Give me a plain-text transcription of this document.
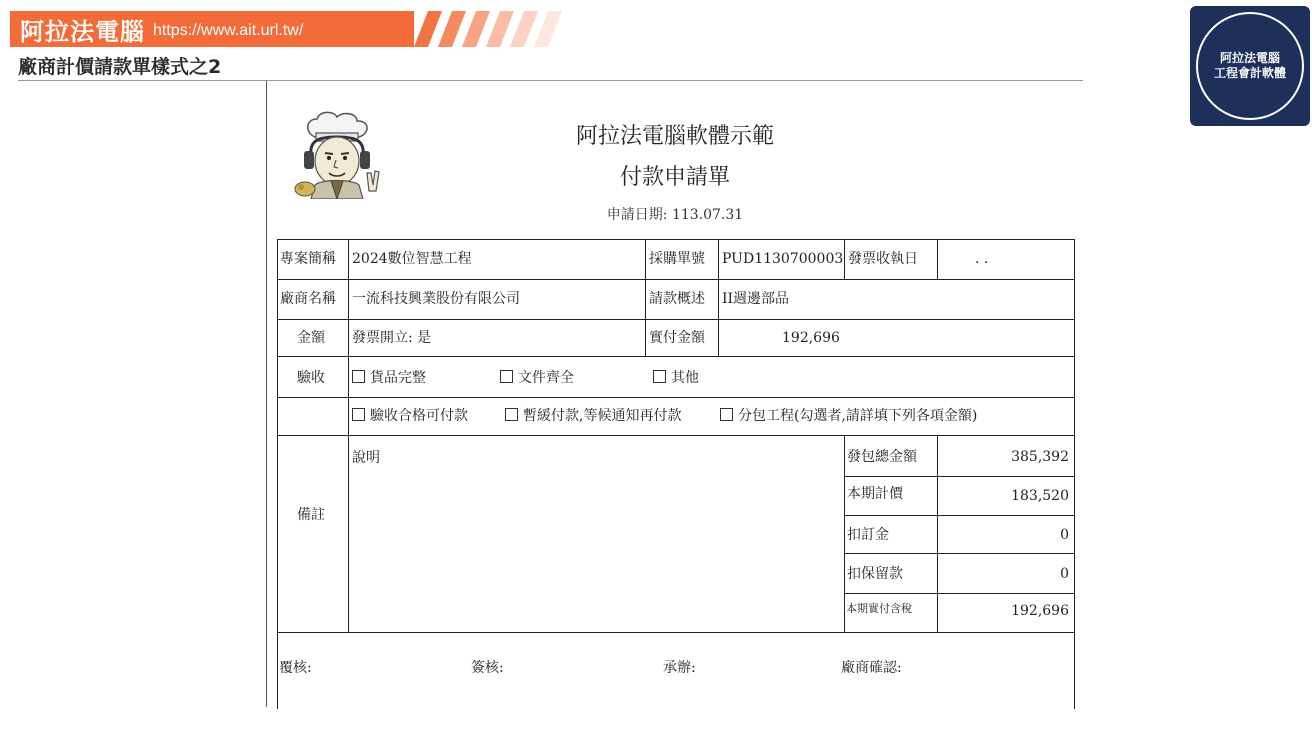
阿拉法電腦 https://www.ait.url.tw/
廠商計價請款單樣式之2	阿拉法電腦
工程會計軟體
阿拉法電腦軟體示範
付款申請單
申請日期: 113.07.31
專案簡稱 2024數位智慧工程	採購單號 PUD1130700003 發票收執日	. .
廠商名稱 一流科技興業股份有限公司	請款概述 II週邊部品
金額 發票開立: 是	實付金額	192,696
驗收	貨品完整	文件齊全	其他
驗收合格可付款	暫緩付款,等候通知再付款	分包工程(勾選者,請詳填下列各項金額)
備註
說明	發包總金額	385,392
本期計價	183,520
扣訂金	0
扣保留款	0
本期實付含稅	192,696
覆核:	簽核:	承辦:	廠商確認:
